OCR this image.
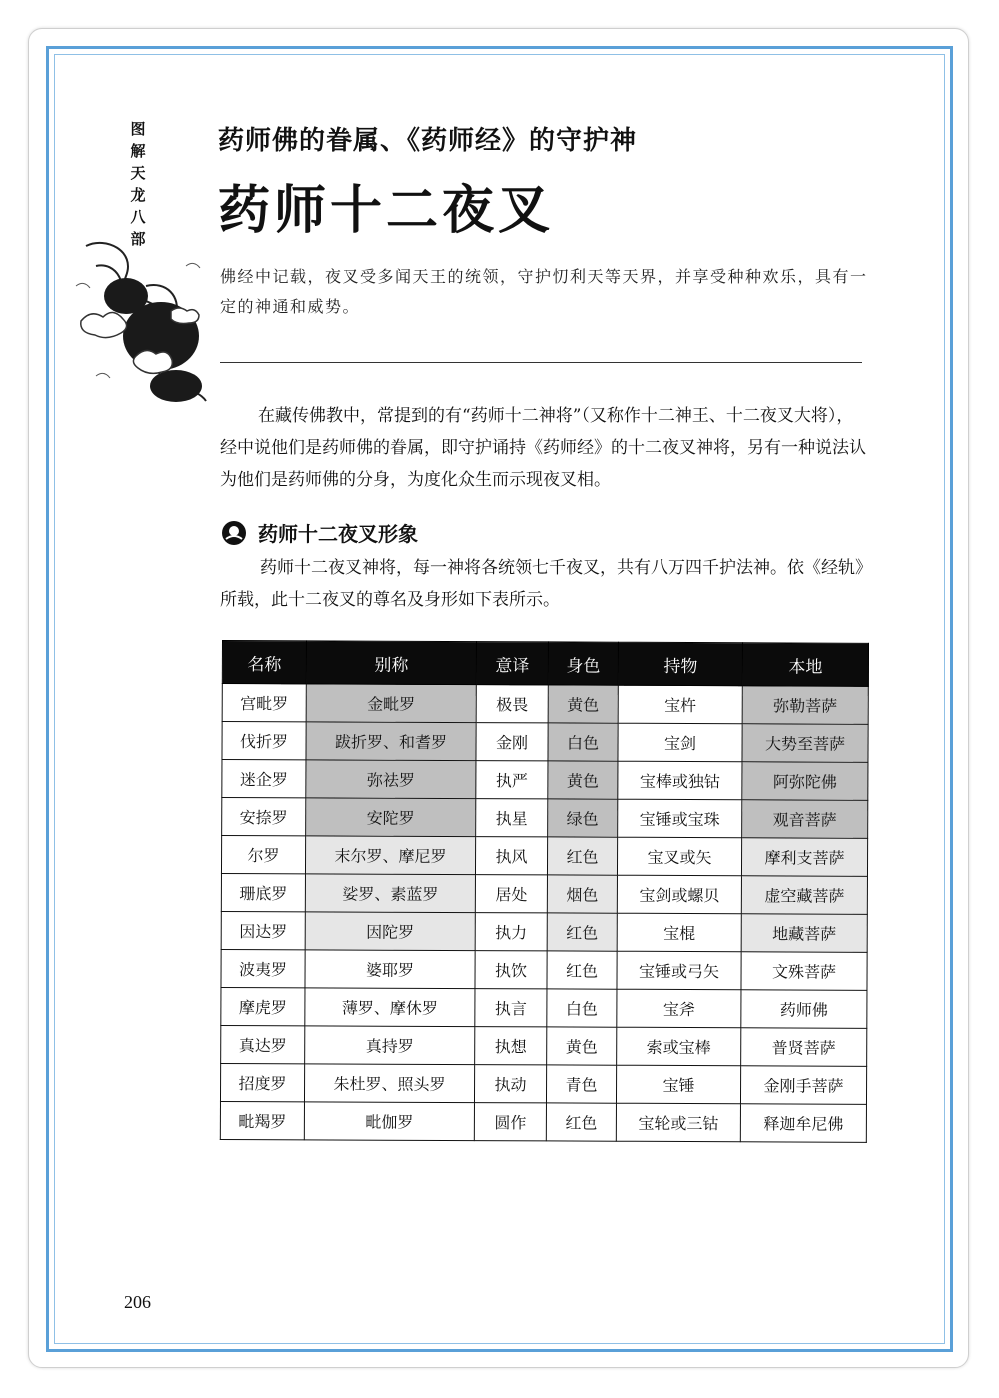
图解天龙八部
药师佛的眷属、《药师经》的守护神
药师十二夜叉
佛经中记载，夜叉受多闻天王的统领，守护忉利天等天界，并享受种种欢乐，具有一定的神通和威势。
在藏传佛教中，常提到的有“药师十二神将”（又称作十二神王、十二夜叉大将），经中说他们是药师佛的眷属，即守护诵持《药师经》的十二夜叉神将，另有一种说法认为他们是药师佛的分身，为度化众生而示现夜叉相。
药师十二夜叉形象
药师十二夜叉神将，每一神将各统领七千夜叉，共有八万四千护法神。依《经轨》所载，此十二夜叉的尊名及身形如下表所示。
名称	别称	意译	身色	持物	本地
宫毗罗	金毗罗	极畏	黄色	宝杵	弥勒菩萨
伐折罗	跋折罗、和耆罗	金刚	白色	宝剑	大势至菩萨
迷企罗	弥祛罗	执严	黄色	宝棒或独钴	阿弥陀佛
安捺罗	安陀罗	执星	绿色	宝锤或宝珠	观音菩萨
尔罗	末尔罗、摩尼罗	执风	红色	宝叉或矢	摩利支菩萨
珊底罗	娑罗、素蓝罗	居处	烟色	宝剑或螺贝	虚空藏菩萨
因达罗	因陀罗	执力	红色	宝棍	地藏菩萨
波夷罗	婆耶罗	执饮	红色	宝锤或弓矢	文殊菩萨
摩虎罗	薄罗、摩休罗	执言	白色	宝斧	药师佛
真达罗	真持罗	执想	黄色	索或宝棒	普贤菩萨
招度罗	朱杜罗、照头罗	执动	青色	宝锤	金刚手菩萨
毗羯罗	毗伽罗	圆作	红色	宝轮或三钴	释迦牟尼佛
206
